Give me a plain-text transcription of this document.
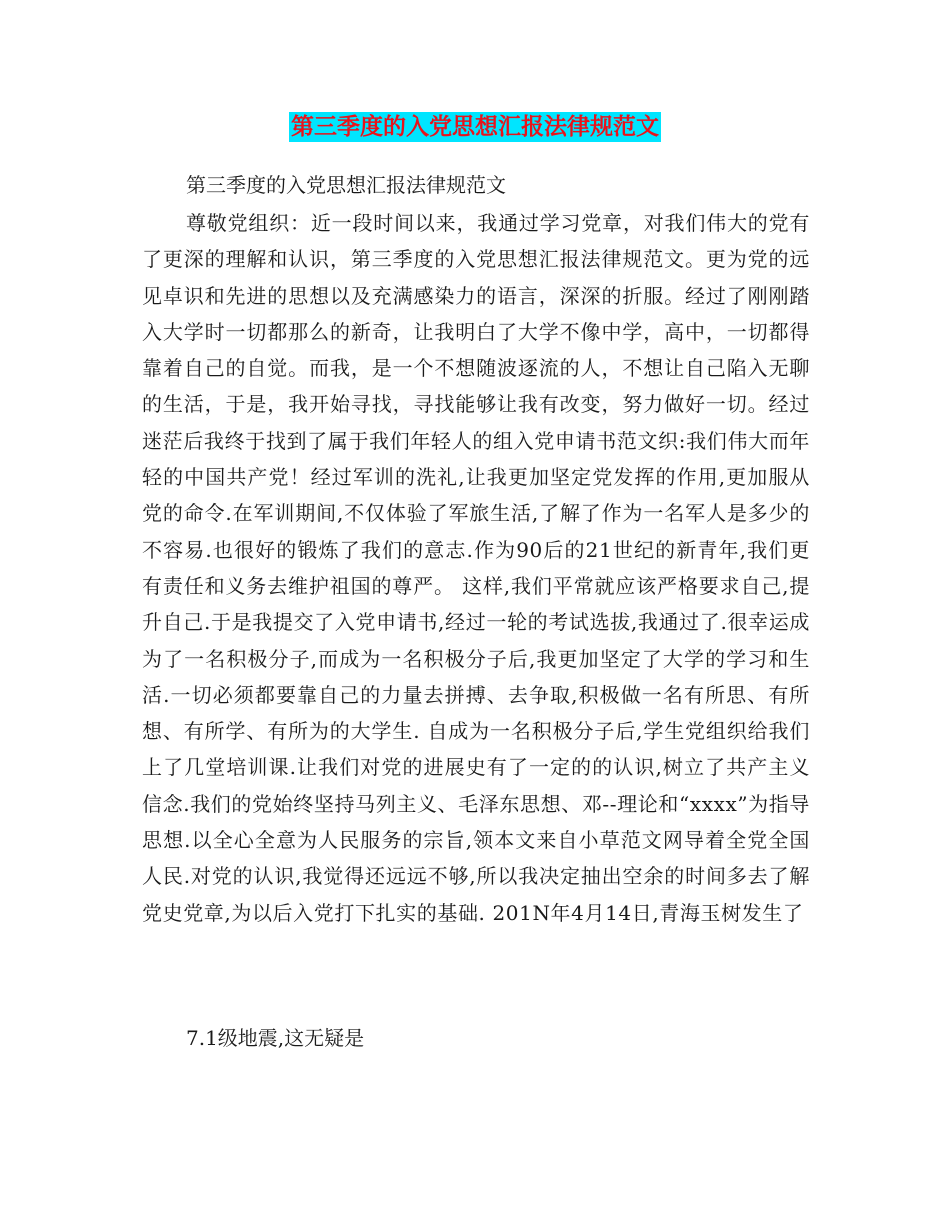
第三季度的入党思想汇报法律规范文
第三季度的入党思想汇报法律规范文

尊敬党组织：近一段时间以来，我通过学习党章，对我们伟大的党有了更深的理解和认识，第三季度的入党思想汇报法律规范文。更为党的远见卓识和先进的思想以及充满感染力的语言，深深的折服。经过了刚刚踏入大学时一切都那么的新奇，让我明白了大学不像中学，高中，一切都得靠着自己的自觉。而我，是一个不想随波逐流的人，不想让自己陷入无聊的生活，于是，我开始寻找，寻找能够让我有改变，努力做好一切。经过迷茫后我终于找到了属于我们年轻人的组入党申请书范文织:我们伟大而年轻的中国共产党！经过军训的洗礼,让我更加坚定党发挥的作用,更加服从党的命令.在军训期间,不仅体验了军旅生活,了解了作为一名军人是多少的不容易.也很好的锻炼了我们的意志.作为90后的21世纪的新青年,我们更有责任和义务去维护祖国的尊严。 这样,我们平常就应该严格要求自己,提升自己.于是我提交了入党申请书,经过一轮的考试选拔,我通过了.很幸运成为了一名积极分子,而成为一名积极分子后,我更加坚定了大学的学习和生活.一切必须都要靠自己的力量去拼搏、去争取,积极做一名有所思、有所想、有所学、有所为的大学生. 自成为一名积极分子后,学生党组织给我们上了几堂培训课.让我们对党的进展史有了一定的的认识,树立了共产主义信念.我们的党始终坚持马列主义、毛泽东思想、邓--理论和“xxxx”为指导思想.以全心全意为人民服务的宗旨,领本文来自小草范文网导着全党全国人民.对党的认识,我觉得还远远不够,所以我决定抽出空余的时间多去了解党史党章,为以后入党打下扎实的基础. 201N年4月14日,青海玉树发生了

7.1级地震,这无疑是
